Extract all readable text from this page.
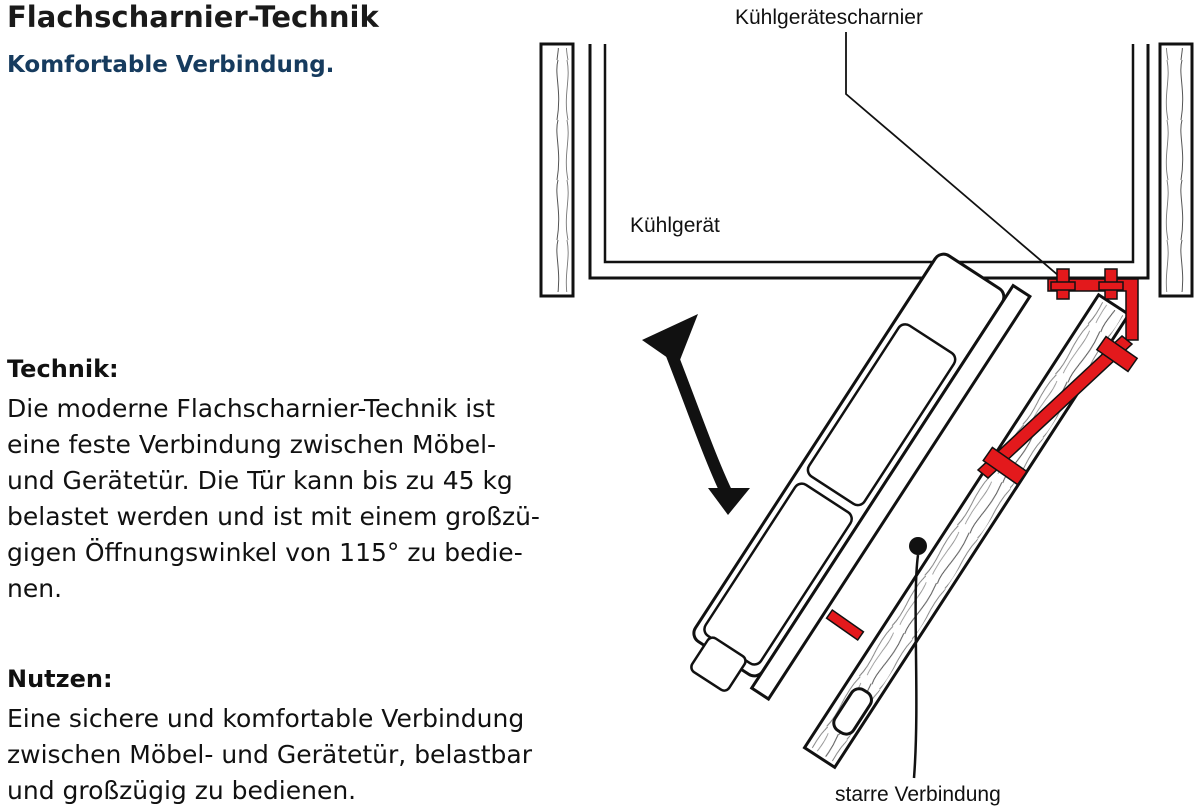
Flachscharnier-Technik
Komfortable Verbindung.
Technik:

Die moderne Flachscharnier-Technik ist
eine feste Verbindung zwischen Möbel-
und Gerätetür. Die Tür kann bis zu 45 kg
belastet werden und ist mit einem großzü-
gigen Öffnungswinkel von 115° zu bedie-
nen.

Nutzen:

Eine sichere und komfortable Verbindung
zwischen Möbel- und Gerätetür, belastbar
und großzügig zu bedienen.

Kühlgerätescharnier
Kühlgerät
starre Verbindung
